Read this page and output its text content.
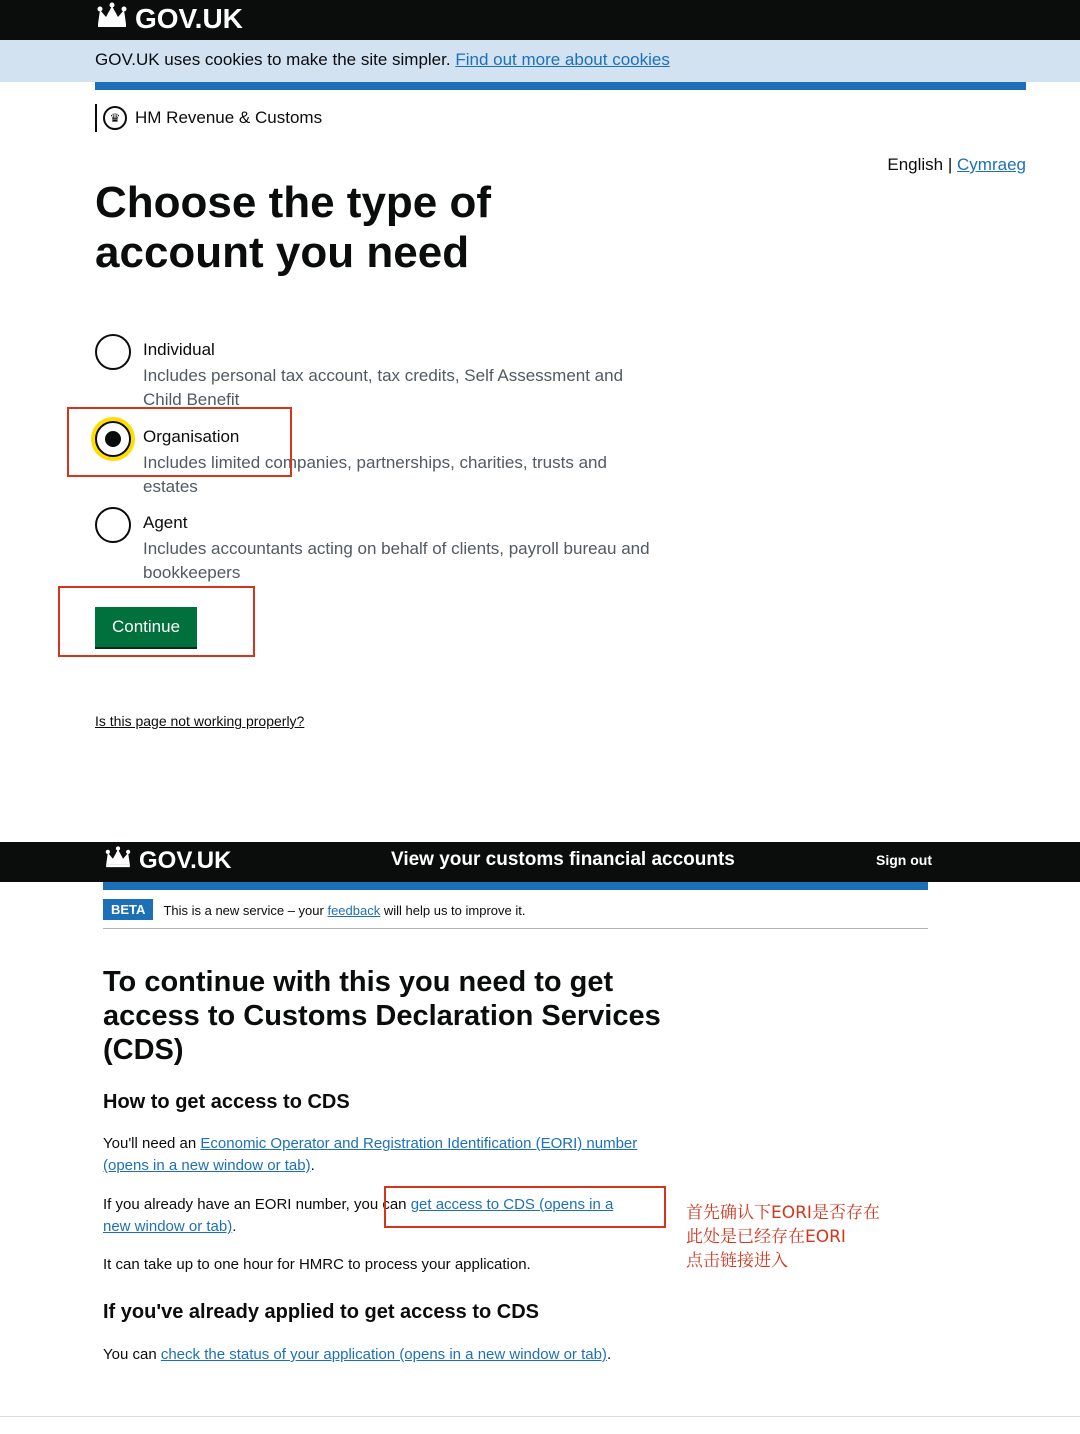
GOV.UK
GOV.UK uses cookies to make the site simpler. Find out more about cookies
♛ HM Revenue & Customs
English | Cymraeg
Choose the type of account you need
Individual
Includes personal tax account, tax credits, Self Assessment and Child Benefit
Organisation
Includes limited companies, partnerships, charities, trusts and estates
Agent
Includes accountants acting on behalf of clients, payroll bureau and bookkeepers
Continue
Is this page not working properly?
GOV.UK	View your customs financial accounts	Sign out
BETA	This is a new service – your feedback will help us to improve it.
To continue with this you need to get access to Customs Declaration Services (CDS)
How to get access to CDS

You'll need an Economic Operator and Registration Identification (EORI) number (opens in a new window or tab).

If you already have an EORI number, you can get access to CDS (opens in a new window or tab).

It can take up to one hour for HMRC to process your application.

If you've already applied to get access to CDS

You can check the status of your application (opens in a new window or tab).

首先确认下EORI是否存在
此处是已经存在EORI
点击链接进入
